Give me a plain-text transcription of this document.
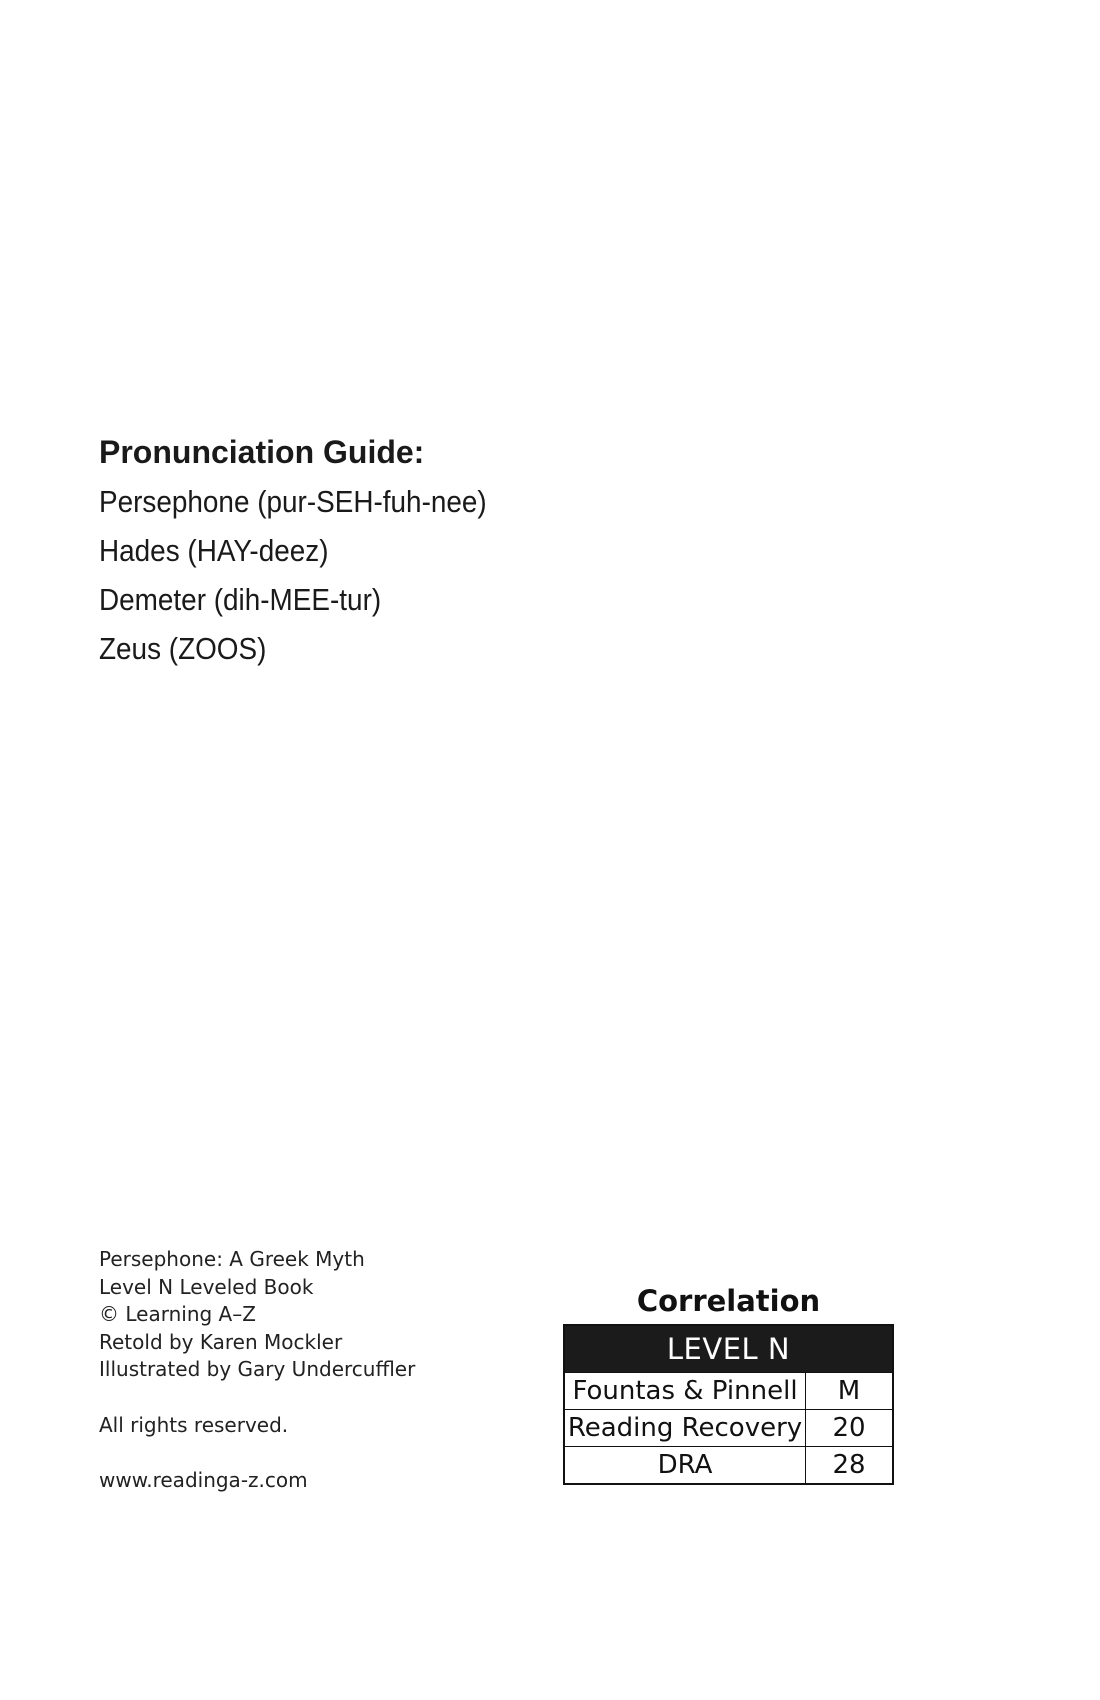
Pronunciation Guide:
Persephone (pur-SEH-fuh-nee)
Hades (HAY-deez)
Demeter (dih-MEE-tur)
Zeus (ZOOS)
Persephone: A Greek Myth
Level N Leveled Book
© Learning A–Z
Retold by Karen Mockler
Illustrated by Gary Undercuffler
All rights reserved.
www.readinga-z.com
Correlation
LEVEL N	
Fountas & Pinnell	M
Reading Recovery	20
DRA	28
